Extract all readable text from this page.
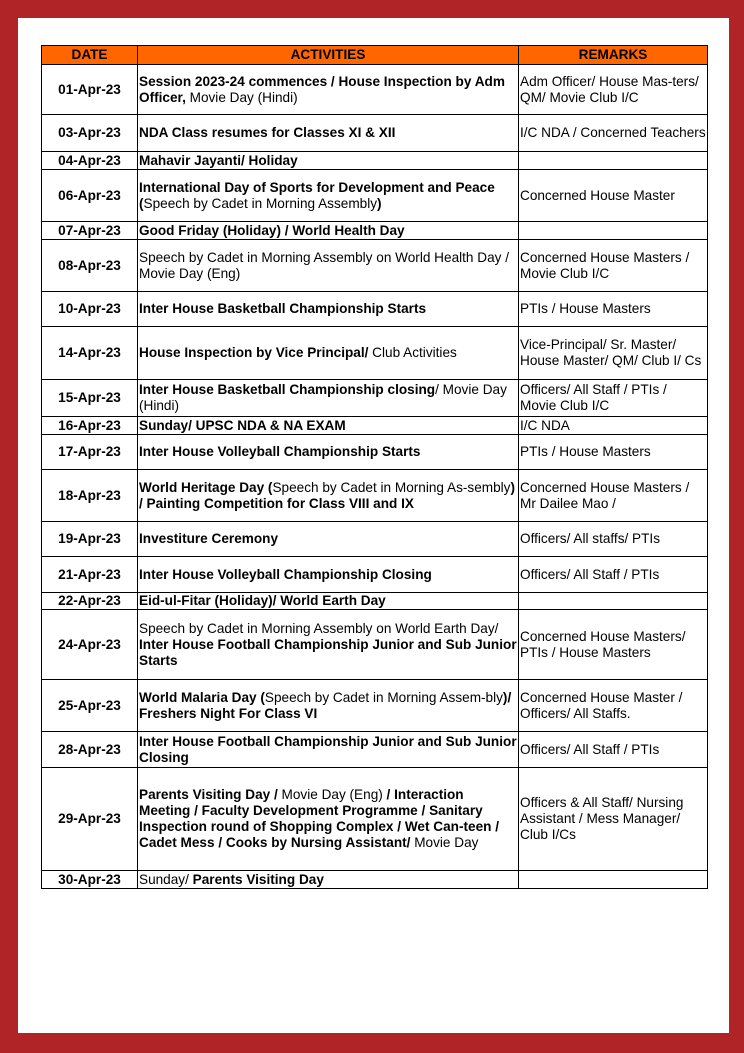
DATE	ACTIVITIES	REMARKS
01-Apr-23	Session 2023-24 commences / House Inspection by Adm Officer, Movie Day (Hindi)	Adm Officer/ House Mas-ters/ QM/ Movie Club I/C
03-Apr-23	NDA Class resumes for Classes XI & XII	I/C NDA / Concerned Teachers
04-Apr-23	Mahavir Jayanti/ Holiday	
06-Apr-23	International Day of Sports for Development and Peace (Speech by Cadet in Morning Assembly)	Concerned House Master
07-Apr-23	Good Friday (Holiday) / World Health Day	
08-Apr-23	Speech by Cadet in Morning Assembly on World Health Day / Movie Day (Eng)	Concerned House Masters / Movie Club I/C
10-Apr-23	Inter House Basketball Championship Starts	PTIs / House Masters
14-Apr-23	House Inspection by Vice Principal/ Club Activities	Vice-Principal/ Sr. Master/ House Master/ QM/ Club I/ Cs
15-Apr-23	Inter House Basketball Championship closing/ Movie Day (Hindi)	Officers/ All Staff / PTIs / Movie Club I/C
16-Apr-23	Sunday/ UPSC NDA & NA EXAM	I/C NDA
17-Apr-23	Inter House Volleyball Championship Starts	PTIs / House Masters
18-Apr-23	World Heritage Day (Speech by Cadet in Morning As-sembly) / Painting Competition for Class VIII and IX	Concerned House Masters / Mr Dailee Mao /
19-Apr-23	Investiture Ceremony	Officers/ All staffs/ PTIs
21-Apr-23	Inter House Volleyball Championship Closing	Officers/ All Staff / PTIs
22-Apr-23	Eid-ul-Fitar (Holiday)/ World Earth Day	
24-Apr-23	Speech by Cadet in Morning Assembly on World Earth Day/
Inter House Football Championship Junior and Sub Junior Starts	Concerned House Masters/ PTIs / House Masters
25-Apr-23	World Malaria Day (Speech by Cadet in Morning Assem-bly)/ Freshers Night For Class VI	Concerned House Master / Officers/ All Staffs.
28-Apr-23	Inter House Football Championship Junior and Sub Junior Closing	Officers/ All Staff / PTIs
29-Apr-23	Parents Visiting Day / Movie Day (Eng) / Interaction Meeting / Faculty Development Programme / Sanitary Inspection round of Shopping Complex / Wet Can-teen / Cadet Mess / Cooks by Nursing Assistant/ Movie Day	Officers & All Staff/ Nursing Assistant / Mess Manager/ Club I/Cs
30-Apr-23	Sunday/ Parents Visiting Day	
